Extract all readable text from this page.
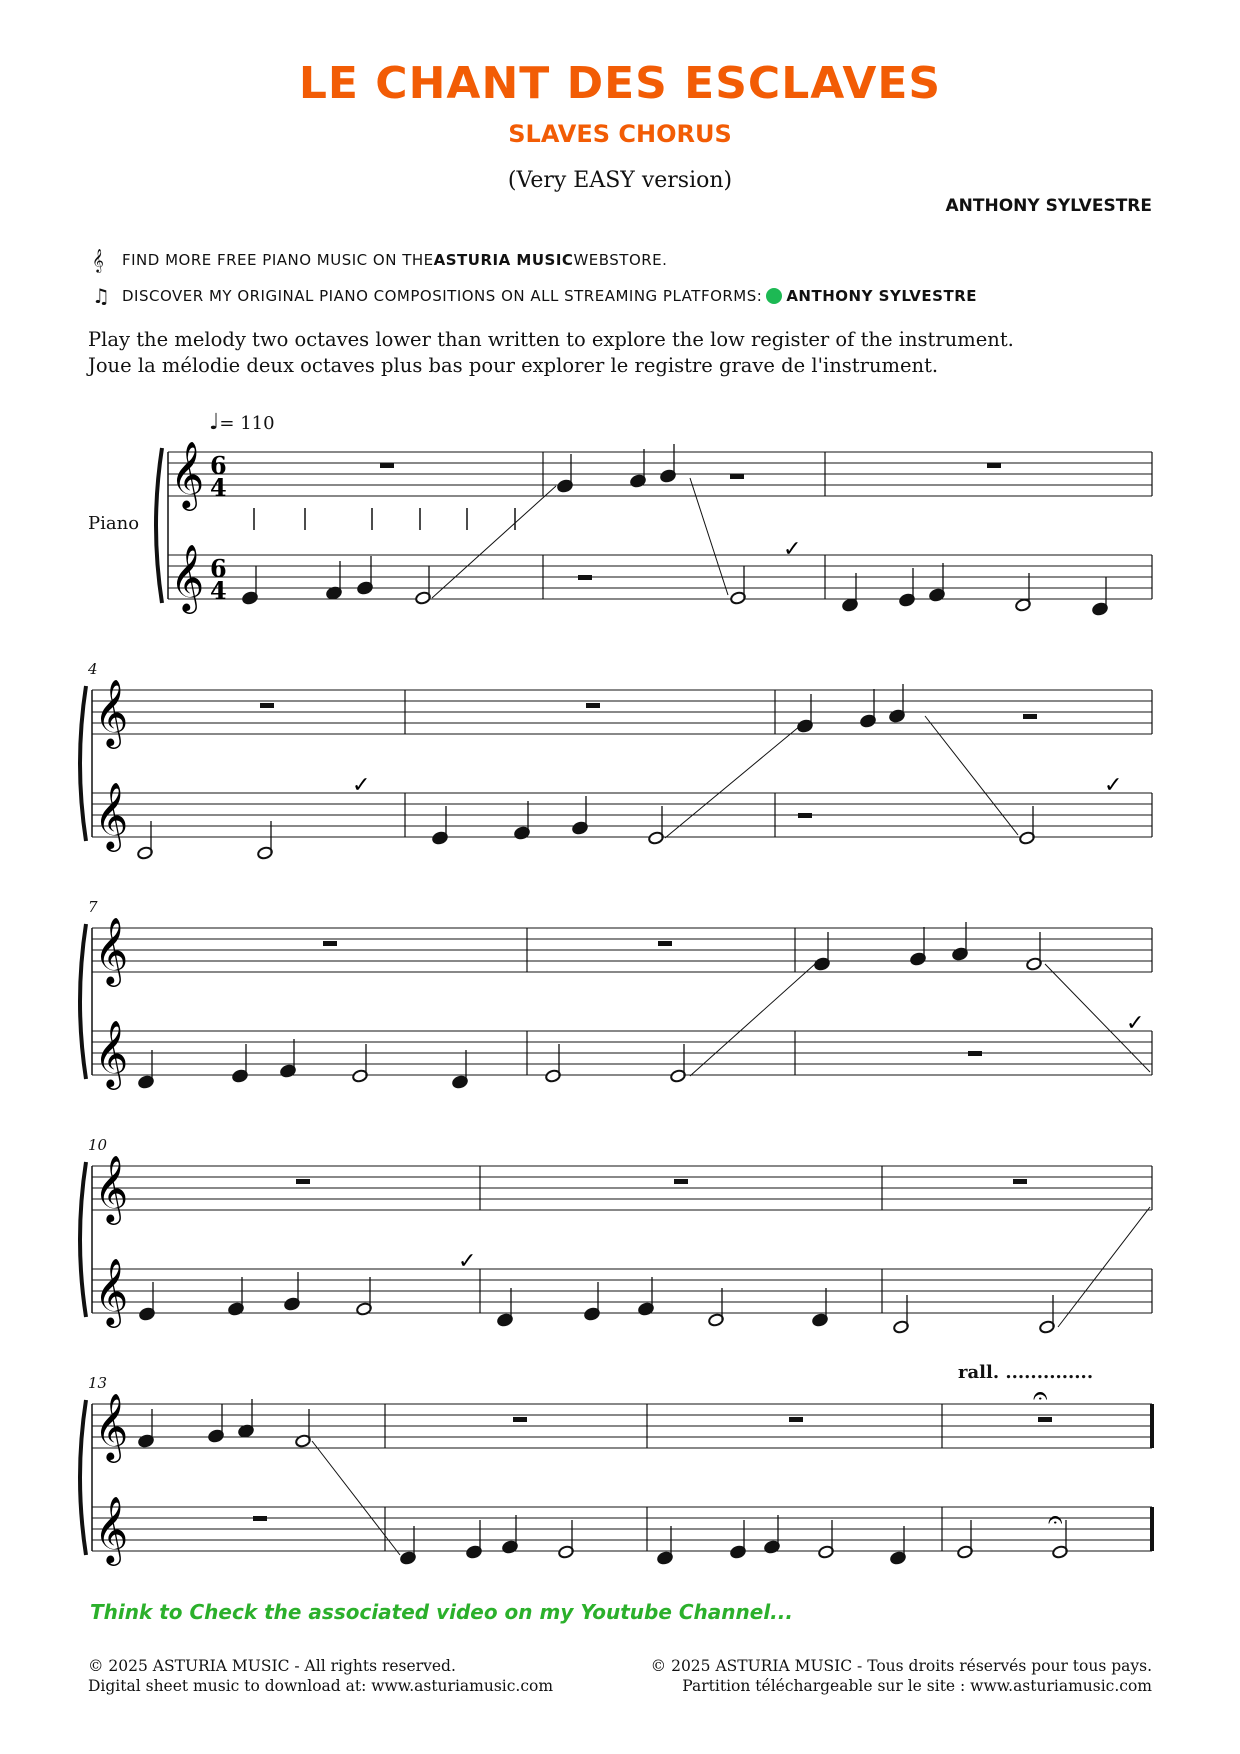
LE CHANT DES ESCLAVES
SLAVES CHORUS
(Very EASY version)
ANTHONY SYLVESTRE
𝄞	FIND MORE FREE PIANO MUSIC ON THE ASTURIA MUSIC WEBSTORE.
♫ DISCOVER MY ORIGINAL PIANO COMPOSITIONS ON ALL STREAMING PLATFORMS: ANTHONY SYLVESTRE
Play the melody two octaves lower than written to explore the low register of the instrument.
Joue la mélodie deux octaves plus bas pour explorer le registre grave de l'instrument.
𝄞 6
4
𝄞 6
4
𝄞
𝄞
𝄞
𝄞
𝄞
𝄞
𝄞
𝄞
✓
✓	✓
✓
✓
𝄐
𝄐
♩= 110
Piano
4
7
10
13	rall. ..............
Think to Check the associated video on my Youtube Channel...
© 2025 ASTURIA MUSIC - All rights reserved.
Digital sheet music to download at: www.asturiamusic.com
© 2025 ASTURIA MUSIC - Tous droits réservés pour tous pays.
Partition téléchargeable sur le site : www.asturiamusic.com
